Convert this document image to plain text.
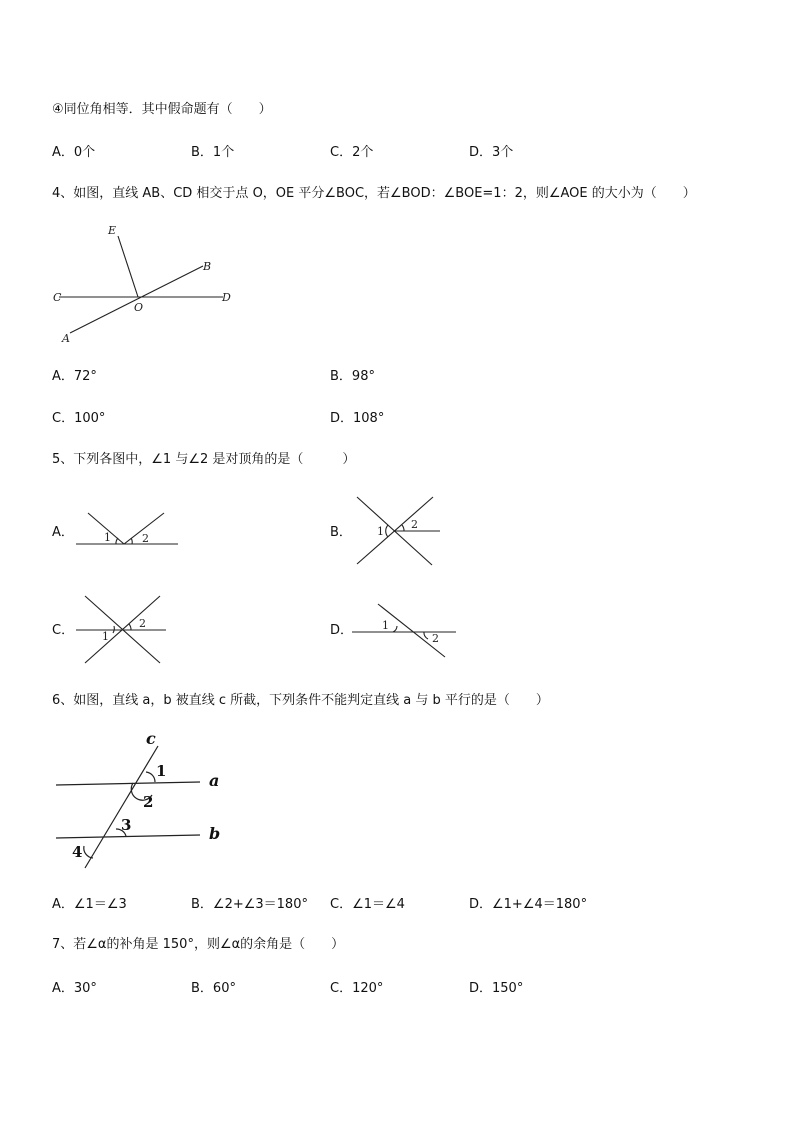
④同位角相等．其中假命题有（　　）
A．0个	B．1个	C．2个	D．3个
4、如图，直线 AB、CD 相交于点 O，OE 平分∠BOC，若∠BOD：∠BOE=1：2，则∠AOE 的大小为（　　）
E
B
C
O
D
A
A．72°	B．98°
C．100°	D．108°
5、下列各图中，∠1 与∠2 是对顶角的是（　　　）
A．	B．
C．	D．
1	2
1
2
1
2	1
2
6、如图，直线 a，b 被直线 c 所截，下列条件不能判定直线 a 与 b 平行的是（　　）
c
a
b
1
2
3
4
A．∠1＝∠3	B．∠2+∠3＝180° C．∠1＝∠4	D．∠1+∠4＝180°
7、若∠α的补角是 150°，则∠α的余角是（　　）
A．30°	B．60°	C．120°	D．150°
